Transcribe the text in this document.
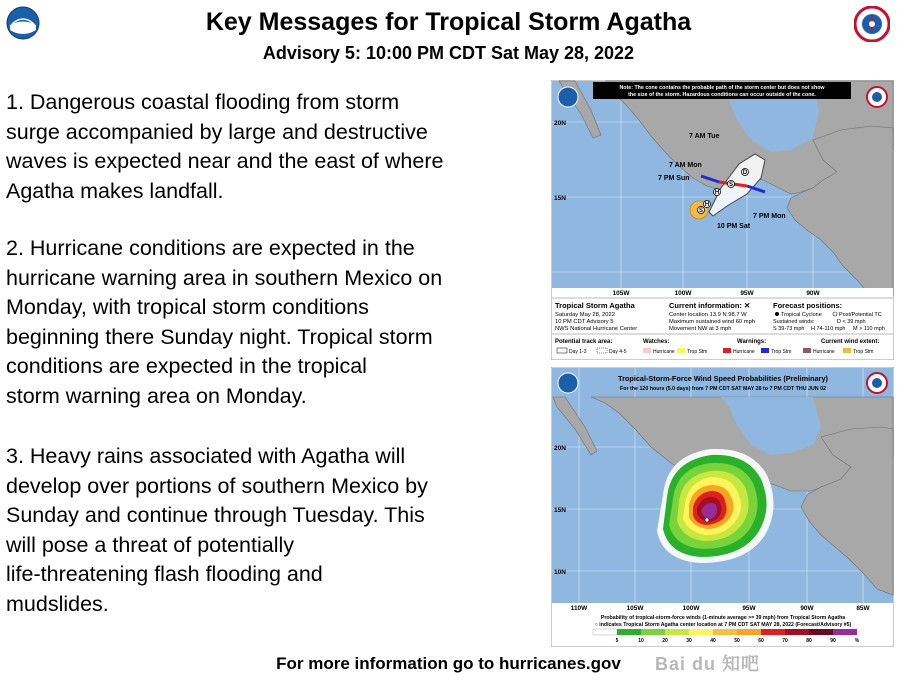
Key Messages for Tropical Storm Agatha
Advisory 5: 10:00 PM CDT Sat May 28, 2022
1. Dangerous coastal flooding from storm
surge accompanied by large and destructive
waves is expected near and the east of where
Agatha makes landfall.
2. Hurricane conditions are expected in the
hurricane warning area in southern Mexico on
Monday, with tropical storm conditions
beginning there Sunday night. Tropical storm
conditions are expected in the tropical
storm warning area on Monday.
3. Heavy rains associated with Agatha will
develop over portions of southern Mexico by
Sunday and continue through Tuesday. This
will pose a threat of potentially
life-threatening flash flooding and
mudslides.
S
H
H
S
D
7 AM Tue
7 AM Mon
7 PM Sun
7 PM Mon
10 PM Sat
Note: The cone contains the probable path of the storm center but does not show
the size of the storm. Hazardous conditions can occur outside of the cone.
20N
15N
105W	100W	95W	90W
Tropical Storm Agatha
Saturday May 28, 2022
10 PM CDT Advisory 5
NWS National Hurricane Center
Current information: ✕
Center location 13.9 N 98.7 W
Maximum sustained wind 60 mph
Movement NW at 3 mph
Forecast positions:
Tropical Cyclone	Post/Potential TC
Sustained winds:	D < 39 mph
S 39-73 mph H 74-110 mph M > 110 mph
Potential track area:
Day 1-3	Day 4-5
Watches:
Hurricane Trop Stm
Warnings:
Hurricane	Trop Stm
Current wind extent:
Hurricane	Trop Stm
Tropical-Storm-Force Wind Speed Probabilities (Preliminary)
For the 120 hours (5.0 days) from 7 PM CDT SAT MAY 28 to 7 PM CDT THU JUN 02
20N
15N
10N
110W	105W	100W	95W	90W	85W
Probability of tropical-storm-force winds (1-minute average >= 39 mph) from Tropical Storm Agatha
○ indicates Tropical Storm Agatha center location at 7 PM CDT SAT MAY 28, 2022 (Forecast/Advisory #5)
5	10	20	30	40	50	60	70	80	90	%
For more information go to hurricanes.gov	Bai du 知吧
